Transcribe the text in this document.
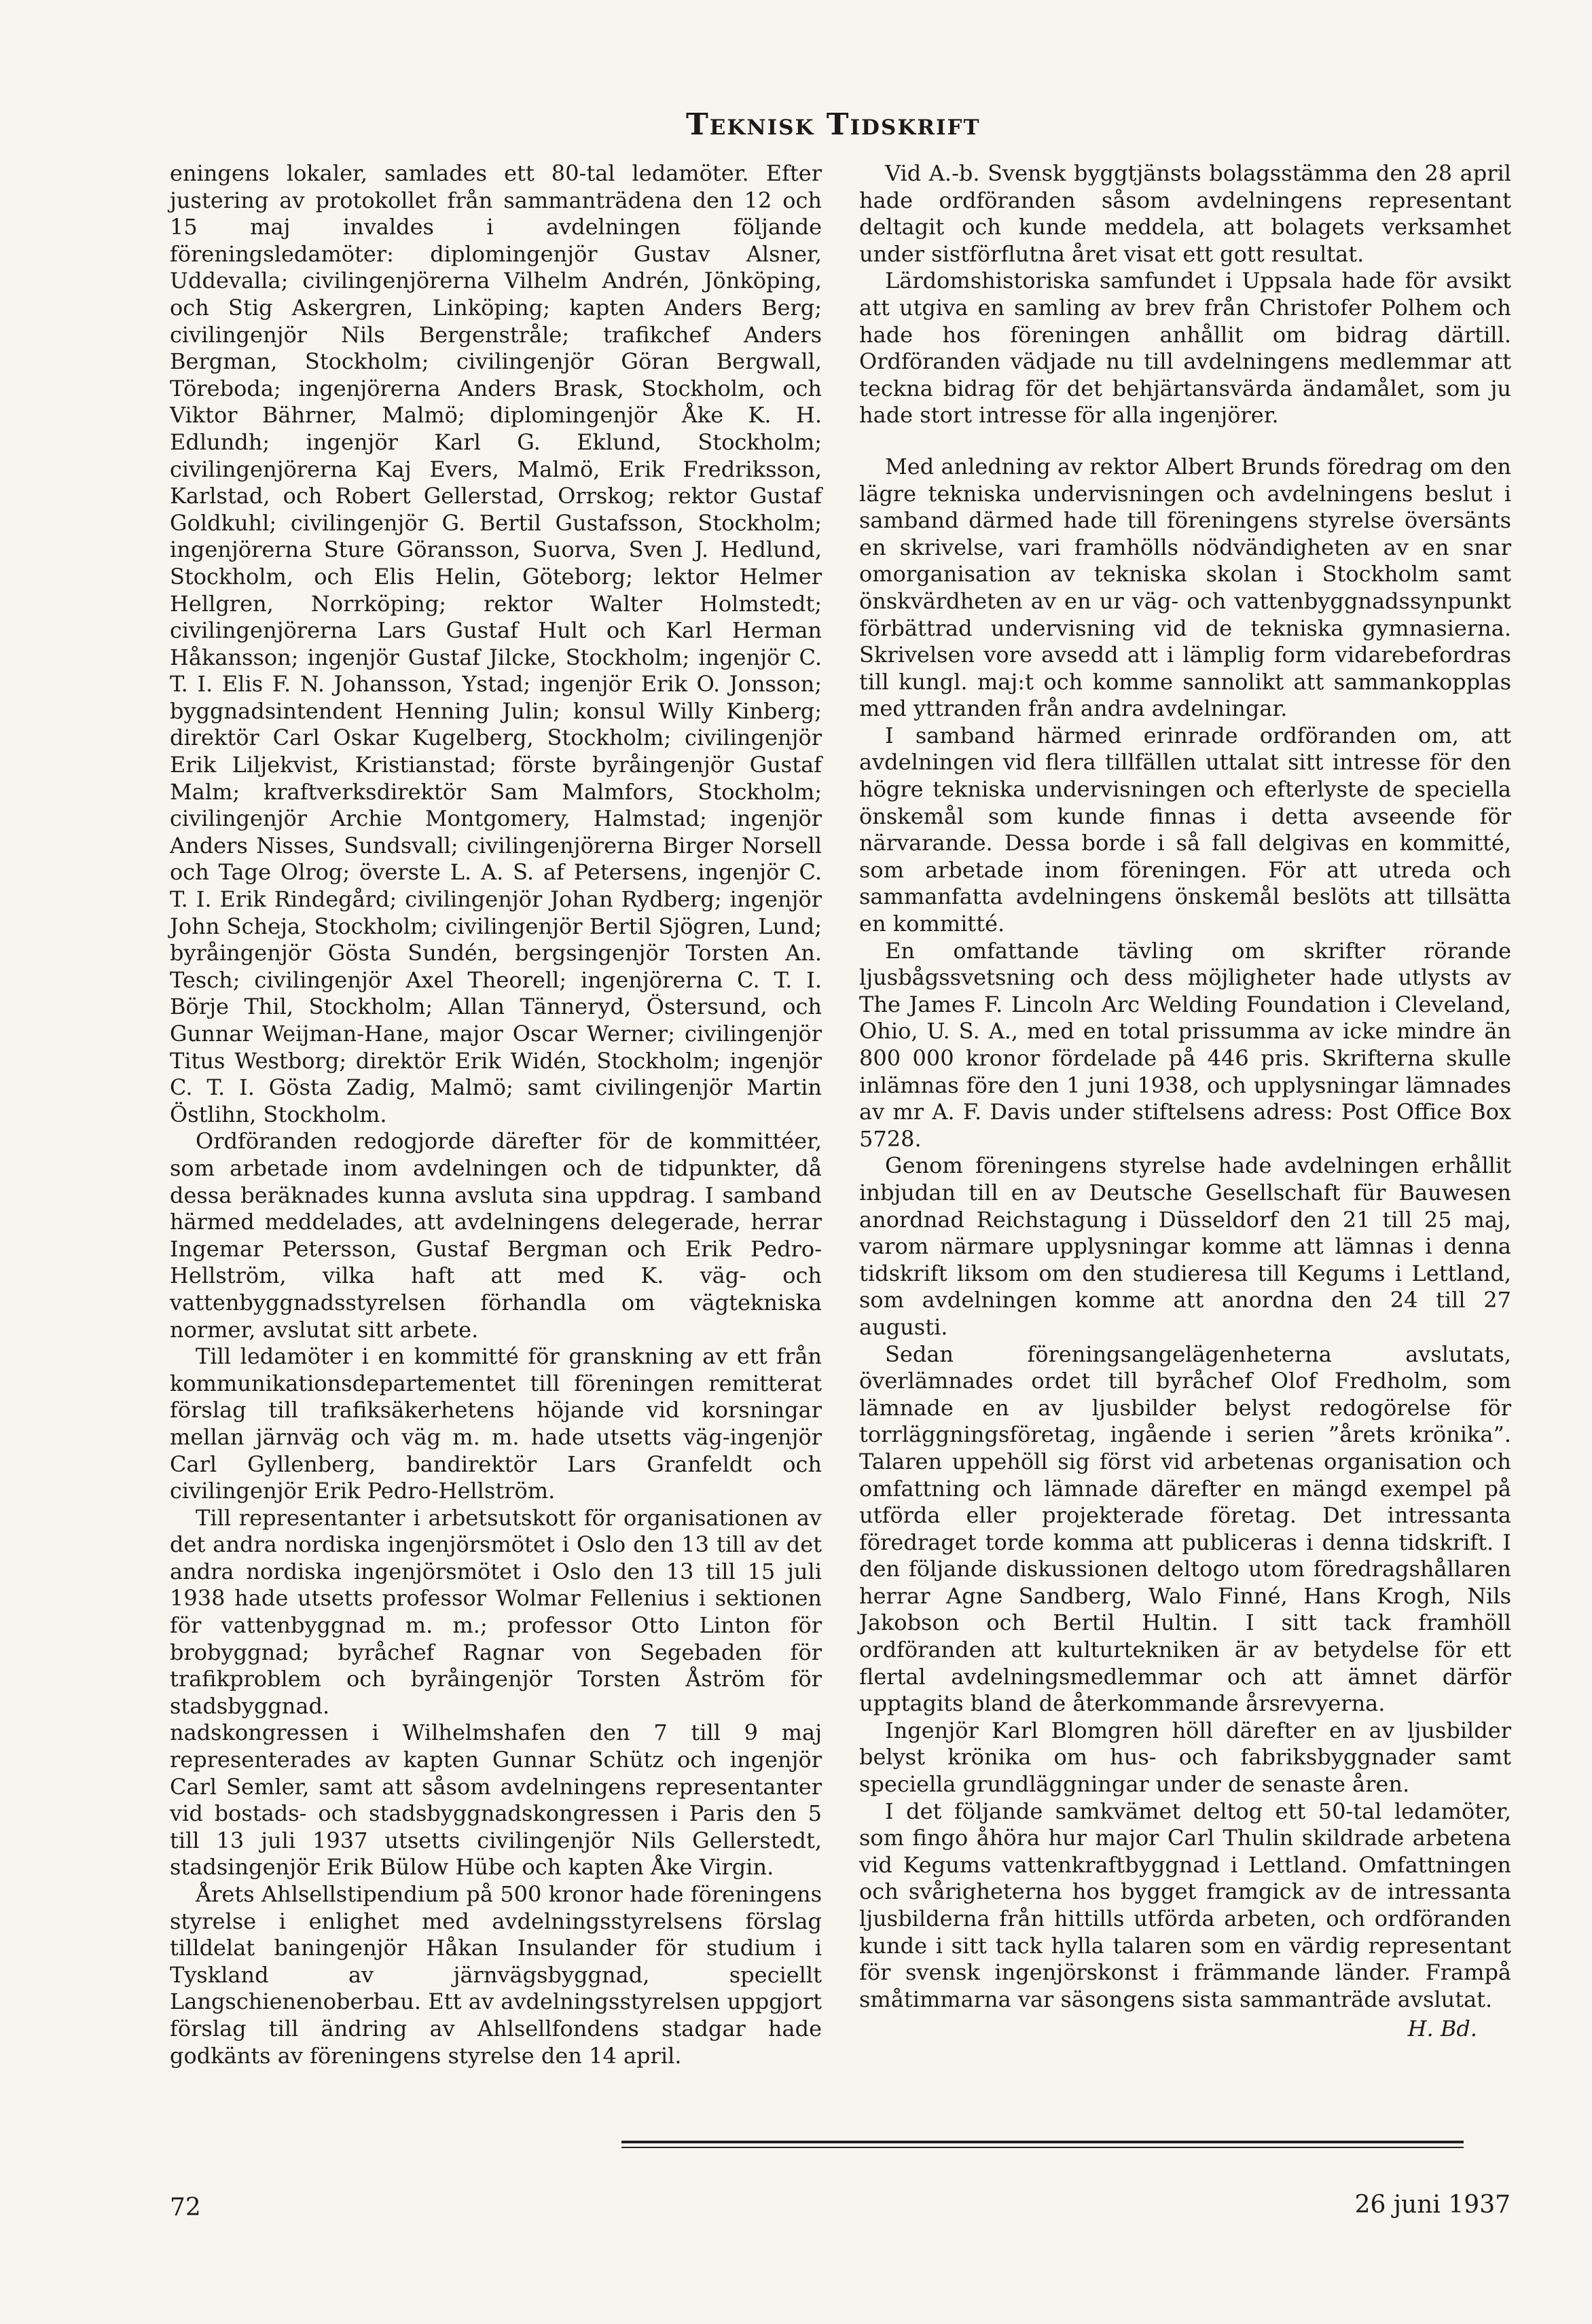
Teknisk Tidskrift

eningens lokaler, samlades ett 80-tal ledamöter. Efter justering av protokollet från sammanträdena den 12 och 15 maj invaldes i avdelningen följande föreningsledamöter: diplomingenjör Gustav Alsner, Uddevalla; civilingenjörerna Vilhelm Andrén, Jönköping, och Stig Askergren, Linköping; kapten Anders Berg; civilingenjör Nils Bergenstråle; trafikchef Anders Bergman, Stockholm; civilingenjör Göran Bergwall, Töreboda; ingenjörerna Anders Brask, Stockholm, och Viktor Bährner, Malmö; diplomingenjör Åke K. H. Edlundh; ingenjör Karl G. Eklund, Stockholm; civilingenjörerna Kaj Evers, Malmö, Erik Fredriksson, Karlstad, och Robert Gellerstad, Orrskog; rektor Gustaf Goldkuhl; civilingenjör G. Bertil Gustafsson, Stockholm; ingenjörerna Sture Göransson, Suorva, Sven J. Hedlund, Stockholm, och Elis Helin, Göteborg; lektor Helmer Hellgren, Norrköping; rektor Walter Holmstedt; civilingenjörerna Lars Gustaf Hult och Karl Herman Håkansson; ingenjör Gustaf Jilcke, Stockholm; ingenjör C. T. I. Elis F. N. Johansson, Ystad; ingenjör Erik O. Jonsson; byggnadsintendent Henning Julin; konsul Willy Kinberg; direktör Carl Oskar Kugelberg, Stockholm; civilingenjör Erik Liljekvist, Kristianstad; förste byråingenjör Gustaf Malm; kraftverksdirektör Sam Malmfors, Stockholm; civilingenjör Archie Montgomery, Halmstad; ingenjör Anders Nisses, Sundsvall; civilingenjörerna Birger Norsell och Tage Olrog; överste L. A. S. af Petersens, ingenjör C. T. I. Erik Rindegård; civilingenjör Johan Rydberg; ingenjör John Scheja, Stockholm; civilingenjör Bertil Sjögren, Lund; byråingenjör Gösta Sundén, bergsingenjör Torsten An. Tesch; civilingenjör Axel Theorell; ingenjörerna C. T. I. Börje Thil, Stockholm; Allan Tänneryd, Östersund, och Gunnar Weijman-Hane, major Oscar Werner; civilingenjör Titus Westborg; direktör Erik Widén, Stockholm; ingenjör C. T. I. Gösta Zadig, Malmö; samt civilingenjör Martin Östlihn, Stockholm.

Ordföranden redogjorde därefter för de kommittéer, som arbetade inom avdelningen och de tidpunkter, då dessa beräknades kunna avsluta sina uppdrag. I samband härmed meddelades, att avdelningens delegerade, herrar Ingemar Petersson, Gustaf Bergman och Erik Pedro-Hellström, vilka haft att med K. väg- och vattenbyggnadsstyrelsen förhandla om vägtekniska normer, avslutat sitt arbete.

Till ledamöter i en kommitté för granskning av ett från kommunikationsdepartementet till föreningen remitterat förslag till trafiksäkerhetens höjande vid korsningar mellan järnväg och väg m. m. hade utsetts väg-ingenjör Carl Gyllenberg, bandirektör Lars Granfeldt och civilingenjör Erik Pedro-Hellström.

Till representanter i arbetsutskott för organisationen av det andra nordiska ingenjörsmötet i Oslo den 13 till av det andra nordiska ingenjörsmötet i Oslo den 13 till 15 juli 1938 hade utsetts professor Wolmar Fellenius i sektionen för vattenbyggnad m. m.; professor Otto Linton för brobyggnad; byråchef Ragnar von Segebaden för trafikproblem och byråingenjör Torsten Åström för stadsbyggnad.

nadskongressen i Wilhelmshafen den 7 till 9 maj representerades av kapten Gunnar Schütz och ingenjör Carl Semler, samt att såsom avdelningens representanter vid bostads- och stadsbyggnadskongressen i Paris den 5 till 13 juli 1937 utsetts civilingenjör Nils Gellerstedt, stadsingenjör Erik Bülow Hübe och kapten Åke Virgin.

Årets Ahlsellstipendium på 500 kronor hade föreningens styrelse i enlighet med avdelningsstyrelsens förslag tilldelat baningenjör Håkan Insulander för studium i Tyskland av järnvägsbyggnad, speciellt Langschienenoberbau. Ett av avdelningsstyrelsen uppgjort förslag till ändring av Ahlsellfondens stadgar hade godkänts av föreningens styrelse den 14 april.

Vid A.-b. Svensk byggtjänsts bolagsstämma den 28 april hade ordföranden såsom avdelningens representant deltagit och kunde meddela, att bolagets verksamhet under sistförflutna året visat ett gott resultat.

Lärdomshistoriska samfundet i Uppsala hade för avsikt att utgiva en samling av brev från Christofer Polhem och hade hos föreningen anhållit om bidrag därtill. Ordföranden vädjade nu till avdelningens medlemmar att teckna bidrag för det behjärtansvärda ändamålet, som ju hade stort intresse för alla ingenjörer.

Med anledning av rektor Albert Brunds föredrag om den lägre tekniska undervisningen och avdelningens beslut i samband därmed hade till föreningens styrelse översänts en skrivelse, vari framhölls nödvändigheten av en snar omorganisation av tekniska skolan i Stockholm samt önskvärdheten av en ur väg- och vattenbyggnadssynpunkt förbättrad undervisning vid de tekniska gymnasierna. Skrivelsen vore avsedd att i lämplig form vidarebefordras till kungl. maj:t och komme sannolikt att sammankopplas med yttranden från andra avdelningar.

I samband härmed erinrade ordföranden om, att avdelningen vid flera tillfällen uttalat sitt intresse för den högre tekniska undervisningen och efterlyste de speciella önskemål som kunde finnas i detta avseende för närvarande. Dessa borde i så fall delgivas en kommitté, som arbetade inom föreningen. För att utreda och sammanfatta avdelningens önskemål beslöts att tillsätta en kommitté.

En omfattande tävling om skrifter rörande ljusbågssvetsning och dess möjligheter hade utlysts av The James F. Lincoln Arc Welding Foundation i Cleveland, Ohio, U. S. A., med en total prissumma av icke mindre än 800 000 kronor fördelade på 446 pris. Skrifterna skulle inlämnas före den 1 juni 1938, och upplysningar lämnades av mr A. F. Davis under stiftelsens adress: Post Office Box 5728.

Genom föreningens styrelse hade avdelningen erhållit inbjudan till en av Deutsche Gesellschaft für Bauwesen anordnad Reichstagung i Düsseldorf den 21 till 25 maj, varom närmare upplysningar komme att lämnas i denna tidskrift liksom om den studieresa till Kegums i Lettland, som avdelningen komme att anordna den 24 till 27 augusti.

Sedan föreningsangelägenheterna avslutats, överlämnades ordet till byråchef Olof Fredholm, som lämnade en av ljusbilder belyst redogörelse för torrläggningsföretag, ingående i serien ”årets krönika”. Talaren uppehöll sig först vid arbetenas organisation och omfattning och lämnade därefter en mängd exempel på utförda eller projekterade företag. Det intressanta föredraget torde komma att publiceras i denna tidskrift. I den följande diskussionen deltogo utom föredragshållaren herrar Agne Sandberg, Walo Finné, Hans Krogh, Nils Jakobson och Bertil Hultin. I sitt tack framhöll ordföranden att kulturtekniken är av betydelse för ett flertal avdelningsmedlemmar och att ämnet därför upptagits bland de återkommande årsrevyerna.

Ingenjör Karl Blomgren höll därefter en av ljusbilder belyst krönika om hus- och fabriksbyggnader samt speciella grundläggningar under de senaste åren.

I det följande samkvämet deltog ett 50-tal ledamöter, som fingo åhöra hur major Carl Thulin skildrade arbetena vid Kegums vattenkraftbyggnad i Lettland. Omfattningen och svårigheterna hos bygget framgick av de intressanta ljusbilderna från hittills utförda arbeten, och ordföranden kunde i sitt tack hylla talaren som en värdig representant för svensk ingenjörskonst i främmande länder. Frampå småtimmarna var säsongens sista sammanträde avslutat.

H. Bd.
72	26 juni 1937
